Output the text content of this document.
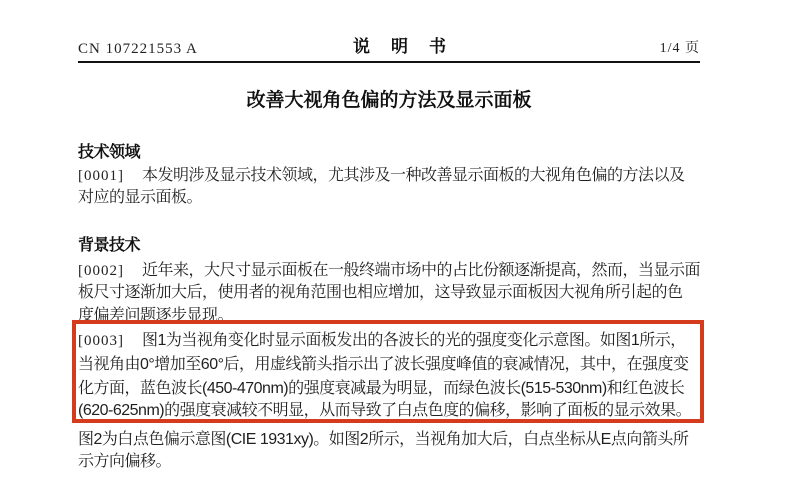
CN 107221553 A	说明书	1/4 页
改善大视角色偏的方法及显示面板
技术领域
[0001] 本发明涉及显示技术领域，尤其涉及一种改善显示面板的大视角色偏的方法以及
对应的显示面板。
背景技术
[0002] 近年来，大尺寸显示面板在一般终端市场中的占比份额逐渐提高，然而，当显示面
板尺寸逐渐加大后，使用者的视角范围也相应增加，这导致显示面板因大视角所引起的色
度偏差问题逐步显现。
[0003] 图1为当视角变化时显示面板发出的各波长的光的强度变化示意图。如图1所示，
当视角由0°增加至60°后，用虚线箭头指示出了波长强度峰值的衰减情况，其中，在强度变
化方面，蓝色波长(450-470nm)的强度衰减最为明显，而绿色波长(515-530nm)和红色波长
(620-625nm)的强度衰减较不明显，从而导致了白点色度的偏移，影响了面板的显示效果。
图2为白点色偏示意图(CIE 1931xy)。如图2所示，当视角加大后，白点坐标从E点向箭头所
示方向偏移。
